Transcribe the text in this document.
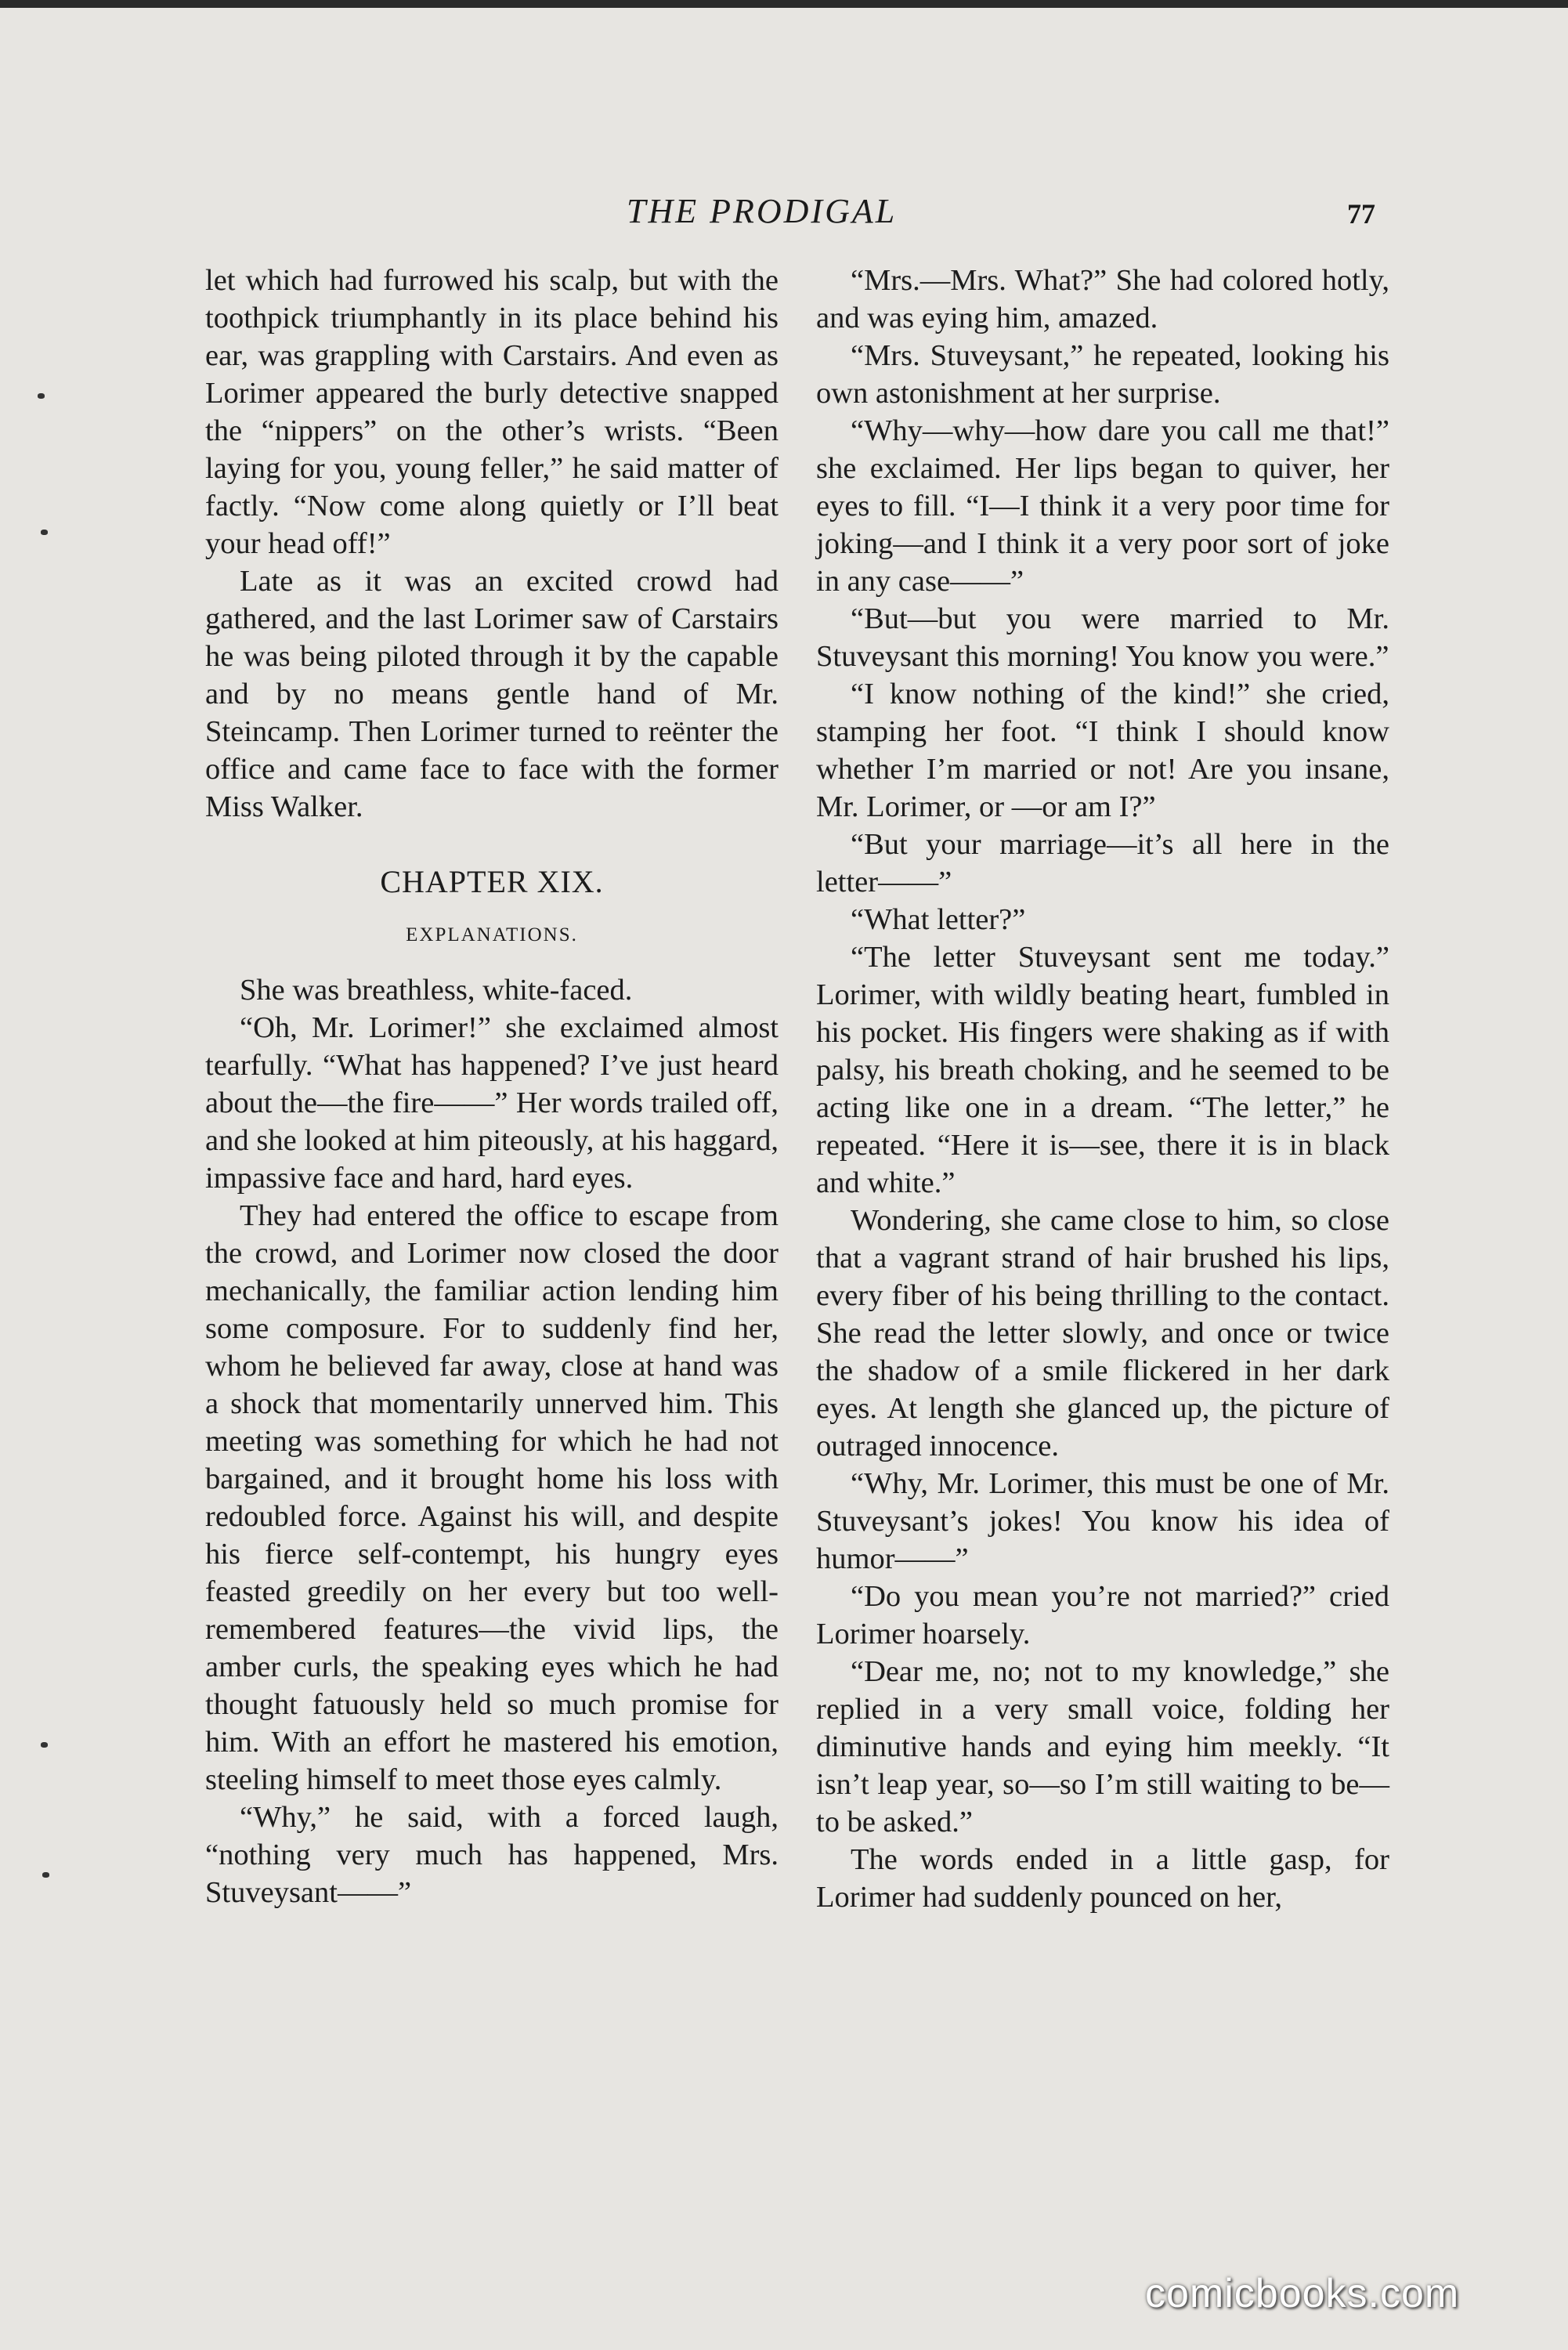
THE PRODIGAL	77

let which had furrowed his scalp, but with the toothpick triumphantly in its place behind his ear, was grappling with Carstairs. And even as Lorimer appeared the burly detective snapped the “nippers” on the other’s wrists. “Been laying for you, young feller,” he said matter of factly. “Now come along quietly or I’ll beat your head off!”

Late as it was an excited crowd had gathered, and the last Lorimer saw of Carstairs he was being piloted through it by the capable and by no means gentle hand of Mr. Steincamp. Then Lorimer turned to reënter the office and came face to face with the former Miss Walker.

CHAPTER XIX.
EXPLANATIONS.

She was breathless, white-faced.

“Oh, Mr. Lorimer!” she exclaimed almost tearfully. “What has happened? I’ve just heard about the—the fire——” Her words trailed off, and she looked at him piteously, at his haggard, impassive face and hard, hard eyes.

They had entered the office to escape from the crowd, and Lorimer now closed the door mechanically, the familiar action lending him some composure. For to suddenly find her, whom he believed far away, close at hand was a shock that momentarily unnerved him. This meeting was something for which he had not bargained, and it brought home his loss with redoubled force. Against his will, and despite his fierce self-contempt, his hungry eyes feasted greedily on her every but too well-remembered features—the vivid lips, the amber curls, the speaking eyes which he had thought fatuously held so much promise for him. With an effort he mastered his emotion, steeling himself to meet those eyes calmly.

“Why,” he said, with a forced laugh, “nothing very much has happened, Mrs. Stuveysant——”

“Mrs.—Mrs. What?” She had colored hotly, and was eying him, amazed.

“Mrs. Stuveysant,” he repeated, looking his own astonishment at her surprise.

“Why—why—how dare you call me that!” she exclaimed. Her lips began to quiver, her eyes to fill. “I—I think it a very poor time for joking—and I think it a very poor sort of joke in any case——”

“But—but you were married to Mr. Stuveysant this morning! You know you were.”

“I know nothing of the kind!” she cried, stamping her foot. “I think I should know whether I’m married or not! Are you insane, Mr. Lorimer, or —or am I?”

“But your marriage—it’s all here in the letter——”

“What letter?”

“The letter Stuveysant sent me today.” Lorimer, with wildly beating heart, fumbled in his pocket. His fingers were shaking as if with palsy, his breath choking, and he seemed to be acting like one in a dream. “The letter,” he repeated. “Here it is—see, there it is in black and white.”

Wondering, she came close to him, so close that a vagrant strand of hair brushed his lips, every fiber of his being thrilling to the contact. She read the letter slowly, and once or twice the shadow of a smile flickered in her dark eyes. At length she glanced up, the picture of outraged innocence.

“Why, Mr. Lorimer, this must be one of Mr. Stuveysant’s jokes! You know his idea of humor——”

“Do you mean you’re not married?” cried Lorimer hoarsely.

“Dear me, no; not to my knowledge,” she replied in a very small voice, folding her diminutive hands and eying him meekly. “It isn’t leap year, so—so I’m still waiting to be—to be asked.”

The words ended in a little gasp, for Lorimer had suddenly pounced on her,

comicbooks.com
